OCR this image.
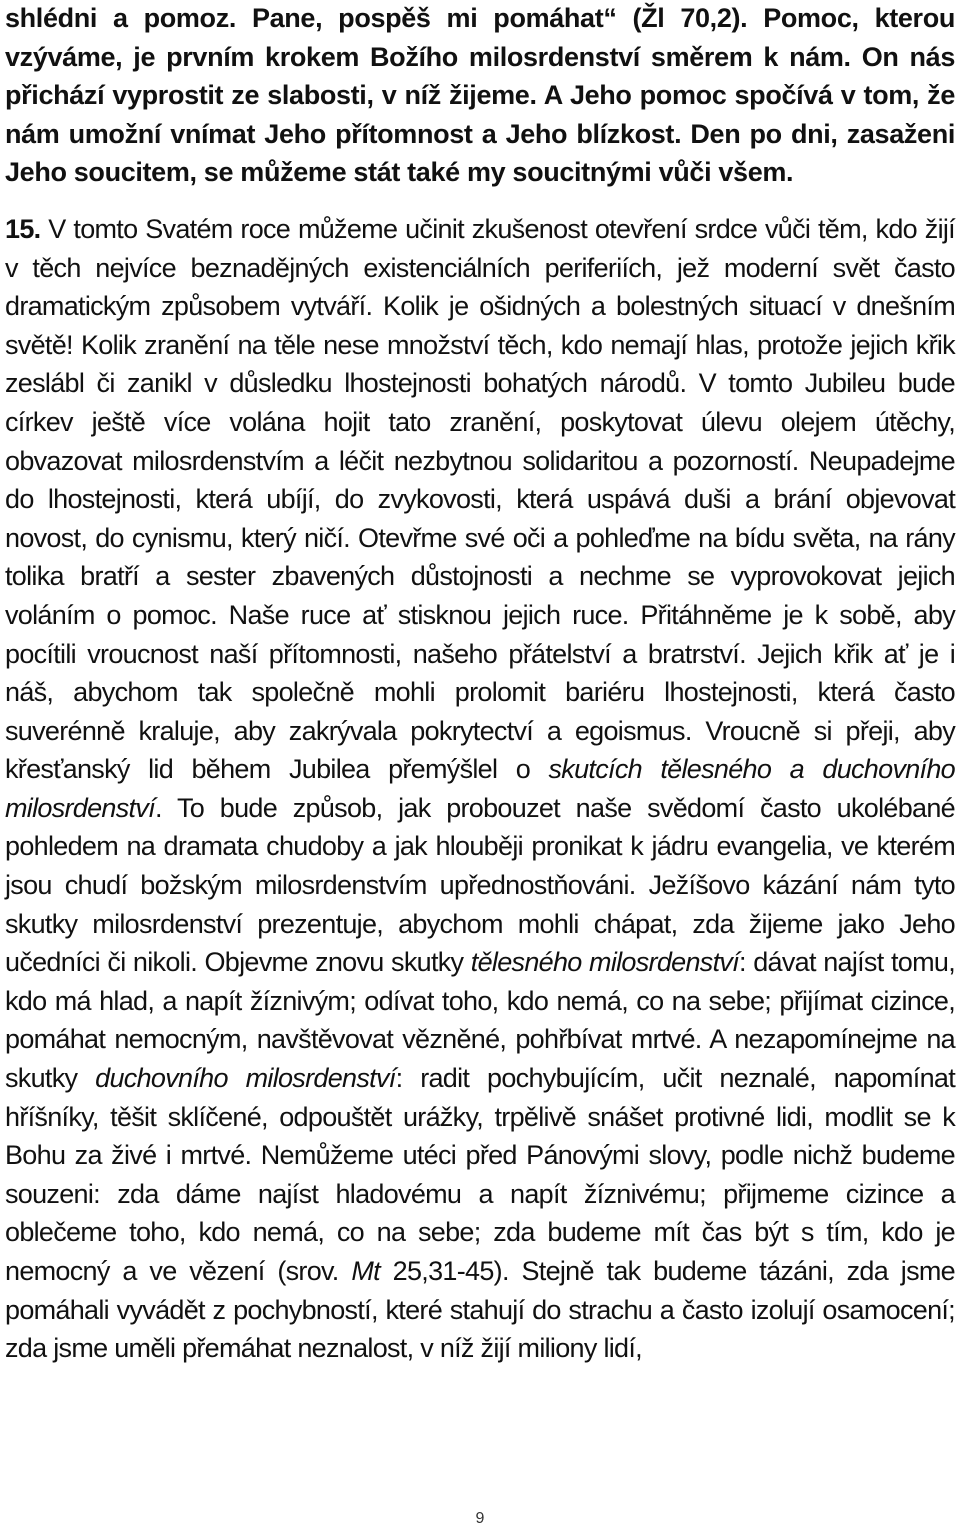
shlédni a pomoz. Pane, pospěš mi pomáhat“ (Žl 70,2). Pomoc, kterou vzýváme, je prvním krokem Božího milosrdenství směrem k nám. On nás přichází vyprostit ze slabosti, v níž žijeme. A Jeho pomoc spočívá v tom, že nám umožní vnímat Jeho přítomnost a Jeho blízkost. Den po dni, zasaženi Jeho soucitem, se můžeme stát také my soucitnými vůči všem.

15. V tomto Svatém roce můžeme učinit zkušenost otevření srdce vůči těm, kdo žijí v těch nejvíce beznadějných existenciálních periferiích, jež moderní svět často dramatickým způsobem vytváří. Kolik je ošidných a bolestných situací v dnešním světě! Kolik zranění na těle nese množství těch, kdo nemají hlas, protože jejich křik zeslábl či zanikl v důsledku lhostejnosti bohatých národů. V tomto Jubileu bude církev ještě více volána hojit tato zranění, poskytovat úlevu olejem útěchy, obvazovat milosrdenstvím a léčit nezbytnou solidaritou a pozorností. Neupadejme do lhostejnosti, která ubíjí, do zvykovosti, která uspává duši a brání objevovat novost, do cynismu, který ničí. Otevřme své oči a pohleďme na bídu světa, na rány tolika bratří a sester zbavených důstojnosti a nechme se vyprovokovat jejich voláním o pomoc. Naše ruce ať stisknou jejich ruce. Přitáhněme je k sobě, aby pocítili vroucnost naší přítomnosti, našeho přátelství a bratrství. Jejich křik ať je i náš, abychom tak společně mohli prolomit bariéru lhostejnosti, která často suverénně kraluje, aby zakrývala pokrytectví a egoismus. Vroucně si přeji, aby křesťanský lid během Jubilea přemýšlel o skutcích tělesného a duchovního milosrdenství. To bude způsob, jak probouzet naše svědomí často ukolébané pohledem na dramata chudoby a jak hlouběji pronikat k jádru evangelia, ve kterém jsou chudí božským milosrdenstvím upřednostňováni. Ježíšovo kázání nám tyto skutky milosrdenství prezentuje, abychom mohli chápat, zda žijeme jako Jeho učedníci či nikoli. Objevme znovu skutky tělesného milosrdenství: dávat najíst tomu, kdo má hlad, a napít žíznivým; odívat toho, kdo nemá, co na sebe; přijímat cizince, pomáhat nemocným, navštěvovat vězněné, pohřbívat mrtvé. A nezapomínejme na skutky duchovního milosrdenství: radit pochybujícím, učit neznalé, napomínat hříšníky, těšit sklíčené, odpouštět urážky, trpělivě snášet protivné lidi, modlit se k Bohu za živé i mrtvé. Nemůžeme utéci před Pánovými slovy, podle nichž budeme souzeni: zda dáme najíst hladovému a napít žíznivému; přijmeme cizince a oblečeme toho, kdo nemá, co na sebe; zda budeme mít čas být s tím, kdo je nemocný a ve vězení (srov. Mt 25,31-45). Stejně tak budeme tázáni, zda jsme pomáhali vyvádět z pochybností, které stahují do strachu a často izolují osamocení; zda jsme uměli přemáhat neznalost, v níž žijí miliony lidí,

9
